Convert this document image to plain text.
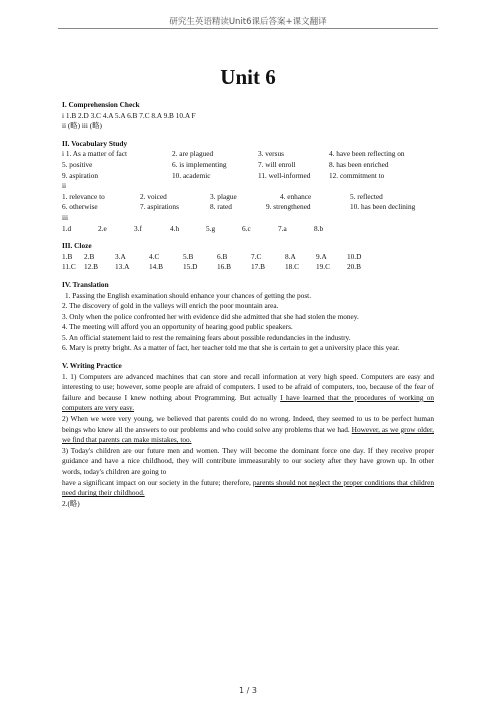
研究生英语精读Unit6课后答案+课文翻译
Unit 6
I. Comprehension Check

i 1.B 2.D 3.C 4.A 5.A 6.B 7.C 8.A 9.B 10.A F

ii (略) iii (略)

II. Vocabulary Study
i 1. As a matter of fact	2. are plagued	3. versus	4. have been reflecting on
5. positive	6. is implementing	7. will enroll	8. has been enriched
9. aspiration	10. academic	11. well-informed	12. commitment to

ii

1. relevance to	2. voiced	3. plague	4. enhance	5. reflected
6. otherwise	7. aspirations	8. rated	9. strengthened	10. has been declining

iii

1.d	2.e	3.f	4.h	5.g	6.c	7.a	8.b
III. Cloze
1.B	2.B	3.A	4.C	5.B	6.B	7.C	8.A	9.A	10.D
11.C	12.B	13.A	14.B	15.D	16.B	17.B	18.C	19.C	20.B
IV. Translation

1. Passing the English examination should enhance your chances of getting the post.

2. The discovery of gold in the valleys will enrich the poor mountain area.

3. Only when the police confronted her with evidence did she admitted that she had stolen the money.

4. The meeting will afford you an opportunity of hearing good public speakers.

5. An official statement laid to rest the remaining fears about possible redundancies in the industry.

6. Mary is pretty bright. As a matter of fact, her teacher told me that she is certain to get a university place this year.

V. Writing Practice

1. 1) Computers are advanced machines that can store and recall information at very high speed. Computers are easy and interesting to use; however, some people are afraid of computers. I used to be afraid of computers, too, because of the fear of failure and because I knew nothing about Programming. But actually I have learned that the procedures of working on computers are very easy.

2) When we were very young, we believed that parents could do no wrong. Indeed, they seemed to us to be perfect human beings who knew all the answers to our problems and who could solve any problems that we had. However, as we grow older, we find that parents can make mistakes, too.

3) Today's children are our future men and women. They will become the dominant force one day. If they receive proper guidance and have a nice childhood, they will contribute immeasurably to our society after they have grown up. In other words, today's children are going to

have a significant impact on our society in the future; therefore, parents should not neglect the proper conditions that children need during their childhood.

2.(略)

1 / 3
